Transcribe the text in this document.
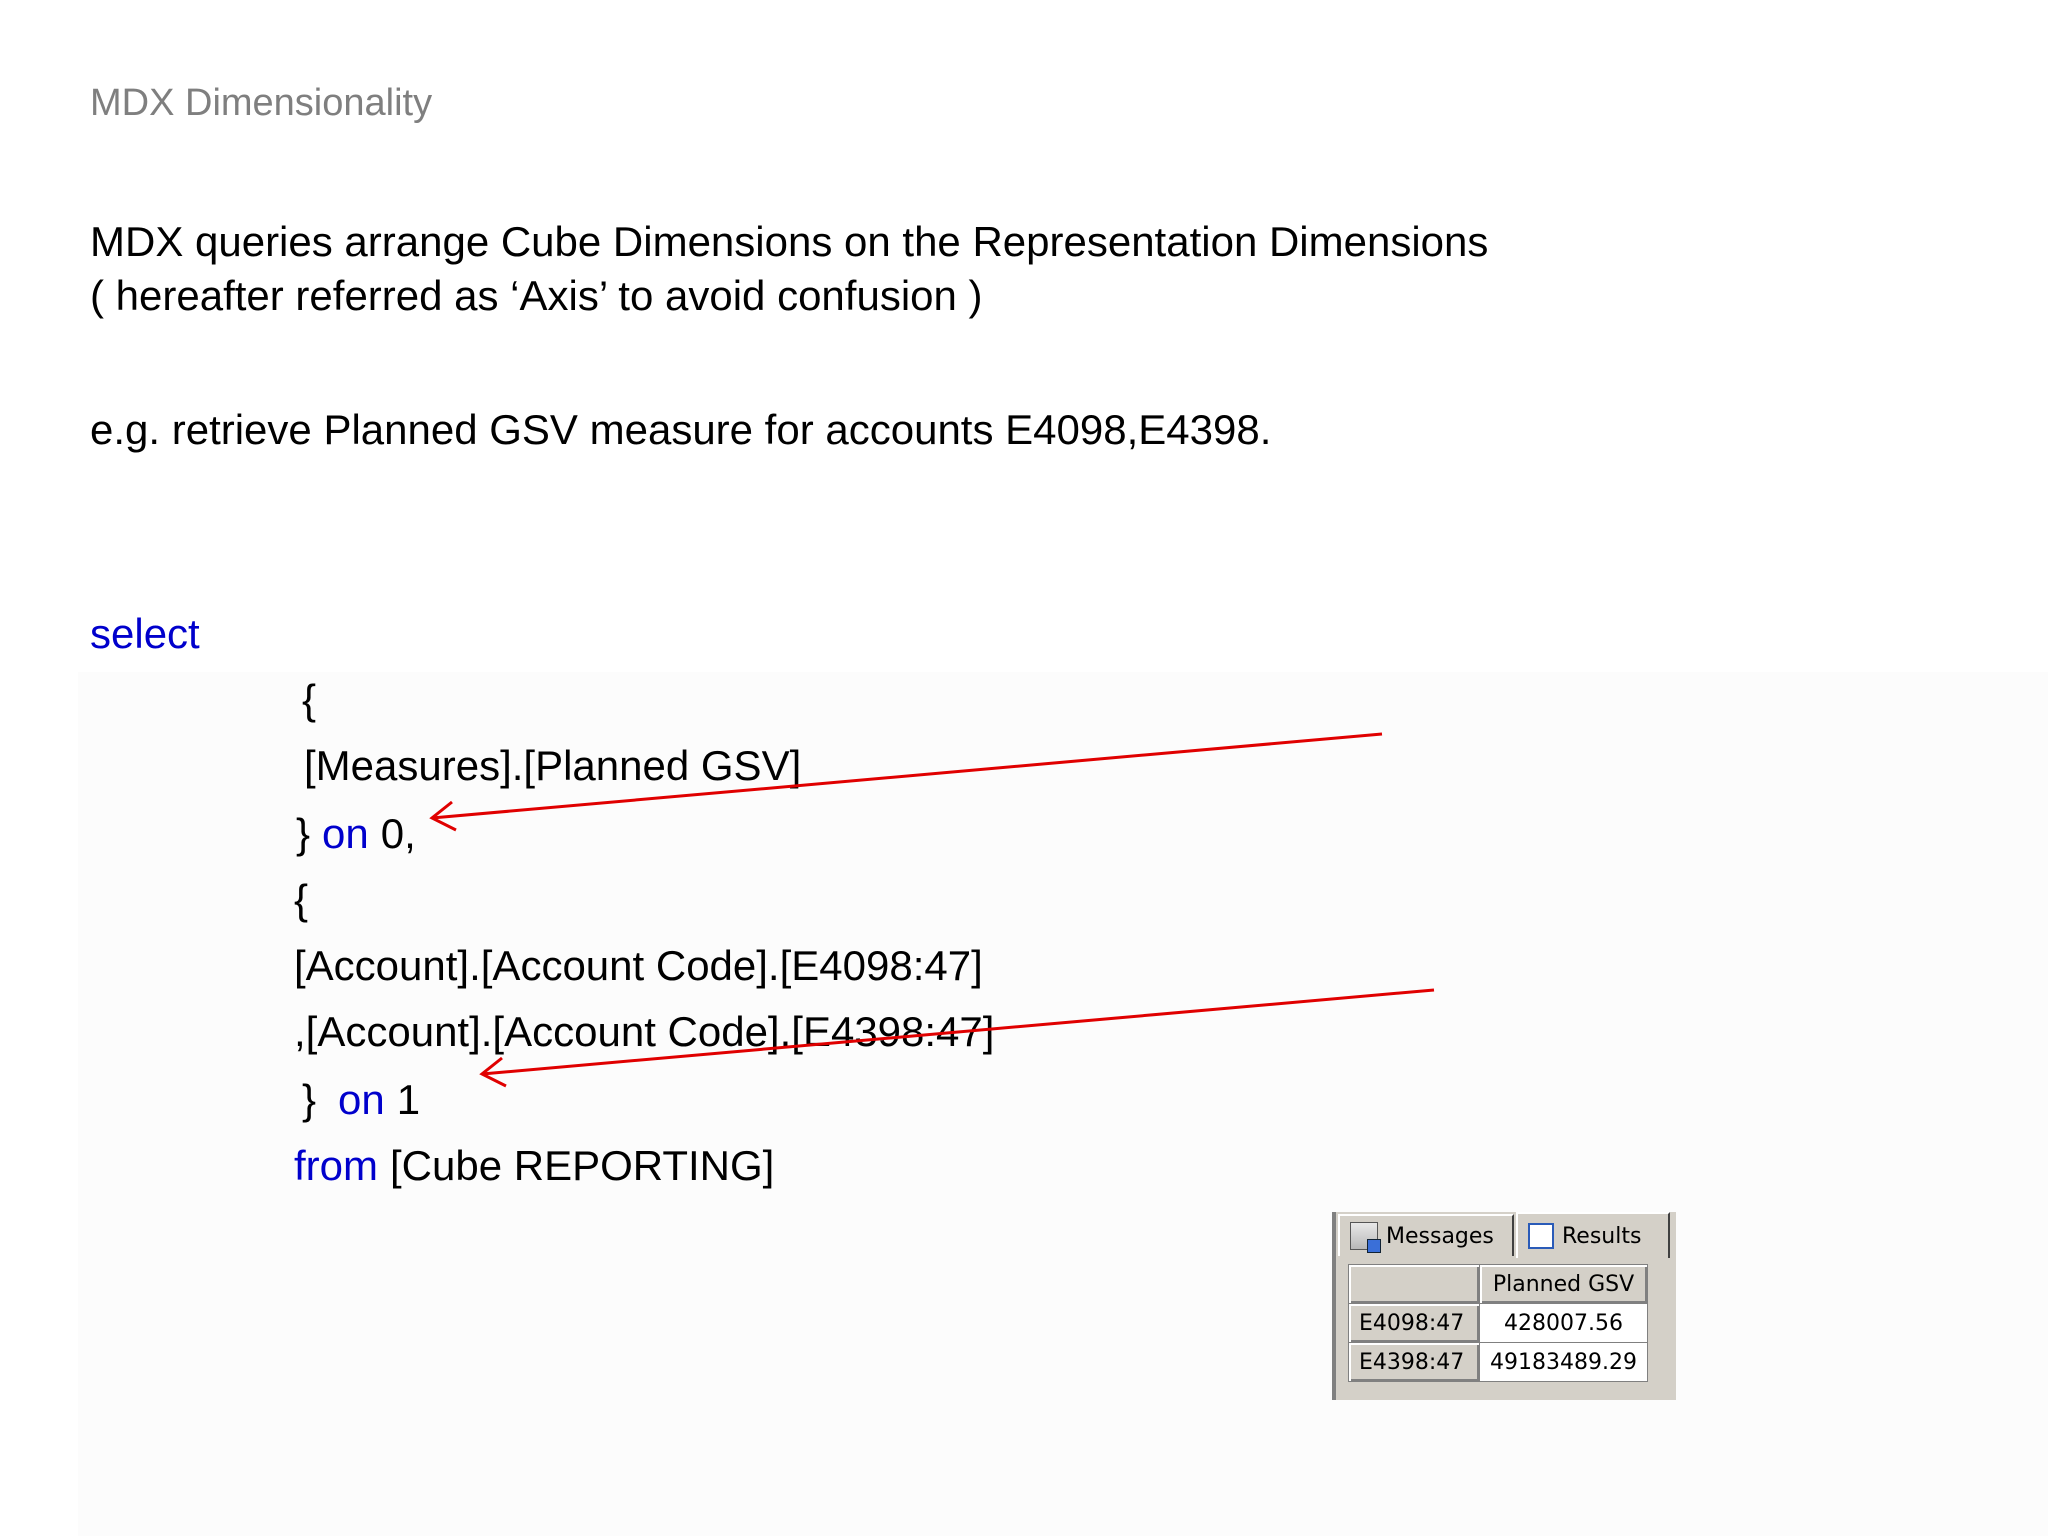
MDX Dimensionality
MDX queries arrange Cube Dimensions on the Representation Dimensions
( hereafter referred as ‘Axis’ to avoid confusion )
e.g. retrieve Planned GSV measure for accounts E4098,E4398.
select
{
[Measures].[Planned GSV]
} on 0,
{
[Account].[Account Code].[E4098:47]
,[Account].[Account Code].[E4398:47]
} on 1
from [Cube REPORTING]
Messages	Results
	Planned GSV
E4098:47	428007.56
E4398:47	49183489.29
